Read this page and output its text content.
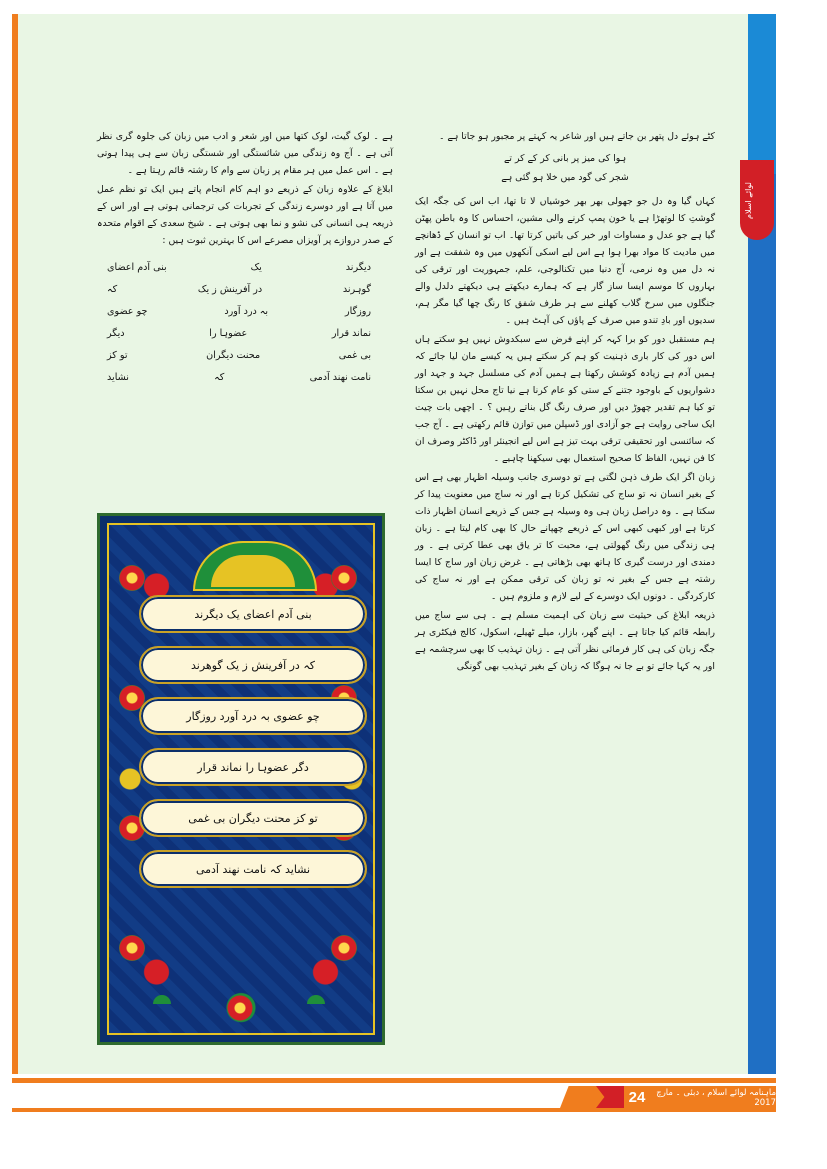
لوائے اسلام

کٹے ہوئے دل پتھر بن جاتے ہیں اور شاعر یہ کہتے پر مجبور ہو جاتا ہے ۔

ہوا کی میز پر بانی کر کے کر تے
شجر کی گود میں خلا ہو گئی ہے

کہاں گیا وہ دل جو جھولی بھر بھر خوشیاں لا تا تھا، اب اس کی جگہ ایک گوشتِ کا لوتھڑا ہے یا خون پمپ کرنے والی مشین، احساس کا وہ باطن پھٹن گیا ہے جو عدل و مساوات اور خیر کی باتیں کرتا تھا۔ اب تو انسان کے ڈھانچے میں مادیت کا مواد بھرا ہوا ہے اس لیے اسکی آنکھوں میں وہ شفقت ہے اور نہ دل میں وہ نرمی، آج دنیا میں تکنالوجی، علم، جمہوریت اور ترقی کی بہاروں کا موسم ایسا ساز گار ہے کہ ہمارے دیکھتے ہی دیکھتے دلدل والے جنگلوں میں سرخ گلاب کھلنے سے ہر طرف شفق کا رنگ چھا گیا مگر ہم، سدیوں اور بادِ تندو میں صرف کے پاؤں کی آہٹ ہیں ۔

ہم مستقبل دور کو برا کہہ کر اپنے فرض سے سبکدوش نہیں ہو سکتے ہاں اس دور کی کار باری ذہنیت کو ہم کر سکتے ہیں یہ کیسے مان لیا جائے کہ ہمیں آدم ہے زیادہ کوشش رکھتا ہے ہمیں آدم کی مسلسل جہد و جہد اور دشواریوں کے باوجود جتنے کے ستی کو عام کرنا ہے نیا تاج محل نہیں بن سکتا تو کیا ہم تقدیر چھوڑ دیں اور صرف رنگ گل بناتے رہیں ؟ ۔ اچھی بات چیت ایک ساجی روایت ہے جو آزادی اور ڈسپلن میں توازن قائم رکھتی ہے ۔ آج جب کہ سائنسی اور تحقیقی ترقی بہت تیز ہے اس لیے انجینئر اور ڈاکٹر وصرف ان کا فن نہیں، الفاظ کا صحیح استعمال بھی سیکھنا چاہیے ۔

زبان اگر ایک طرف ذہن لگتی ہے تو دوسری جانب وسیلہ اظہار بھی ہے اس کے بغیر انسان نہ تو ساج کی تشکیل کرتا ہے اور نہ ساج میں معنویت پیدا کر سکتا ہے ۔ وہ دراصل زبان ہی وہ وسیلہ ہے جس کے ذریعے انسان اظہار ذات کرتا ہے اور کبھی کبھی اس کے ذریعے چھپانے حال کا بھی کام لیتا ہے ۔ زبان ہی زندگی میں رنگ گھولتی ہے، محبت کا تر یاق بھی عطا کرتی ہے ۔ ور دمندی اور درست گیری کا ہاتھ بھی بڑھاتی ہے ۔ غرض زبان اور ساج کا ایسا رشتہ ہے جس کے بغیر نہ تو زبان کی ترقی ممکن ہے اور نہ ساج کی کارکردگی ۔ دونوں ایک دوسرے کے لیے لازم و ملزوم ہیں ۔

ذریعہ ابلاغ کی حیثیت سے زبان کی اہمیت مسلم ہے ۔ ہی سے ساج میں رابطہ قائم کیا جاتا ہے ۔ اپنے گھر، بازار، میلے ٹھیلے، اسکول، کالج فیکٹری ہر جگہ زبان کی ہی کار فرمائی نظر آتی ہے ۔ زبان تہذیب کا بھی سرچشمہ ہے اور یہ کہا جائے تو بے جا نہ ہوگا کہ زبان کے بغیر تہذیب بھی گونگی

ہے ۔ لوک گیت، لوک کتھا میں اور شعر و ادب میں زبان کی جلوہ گری نظر آتی ہے ۔ آج وہ زندگی میں شائستگی اور شستگی زبان سے ہی پیدا ہوتی ہے ۔ اس عمل میں ہر مقام پر زبان سے وام کا رشتہ قائم رہتا ہے ۔

ابلاغ کے علاوہ زبان کے ذریعے دو اہم کام انجام پاتے ہیں ایک تو نظم عمل میں آتا ہے اور دوسرے زندگی کے تجربات کی ترجمانی ہوتی ہے اور اس کے ذریعہ ہی انسانی کی نشو و نما بھی ہوتی ہے ۔ شیخ سعدی کے اقوام متحدہ کے صدر دروازے پر آویزاں مصرعے اس کا بہترین ثبوت ہیں :

بنی آدم اعضای	یک	دیگرند
کہ	در آفرینش ز یک	گوہرند
چو عضوی	بہ درد آورد	روزگار
دیگر	عضوہا را	نماند قرار
تو کز	محنت دیگران	بی غمی
نشاید	کہ	نامت نھند آدمی
بنی آدم اعضای یک دیگرند
کہ در آفرینش ز یک گوھرند
چو عضوی بہ درد آورد روزگار
دگر عضوہا را نماند قرار
تو کز محنت دیگران بی غمی
نشاید کہ نامت نھند آدمی
24	ماہنامہ لوائے اسلام ، دبئی ۔ مارچ 2017
